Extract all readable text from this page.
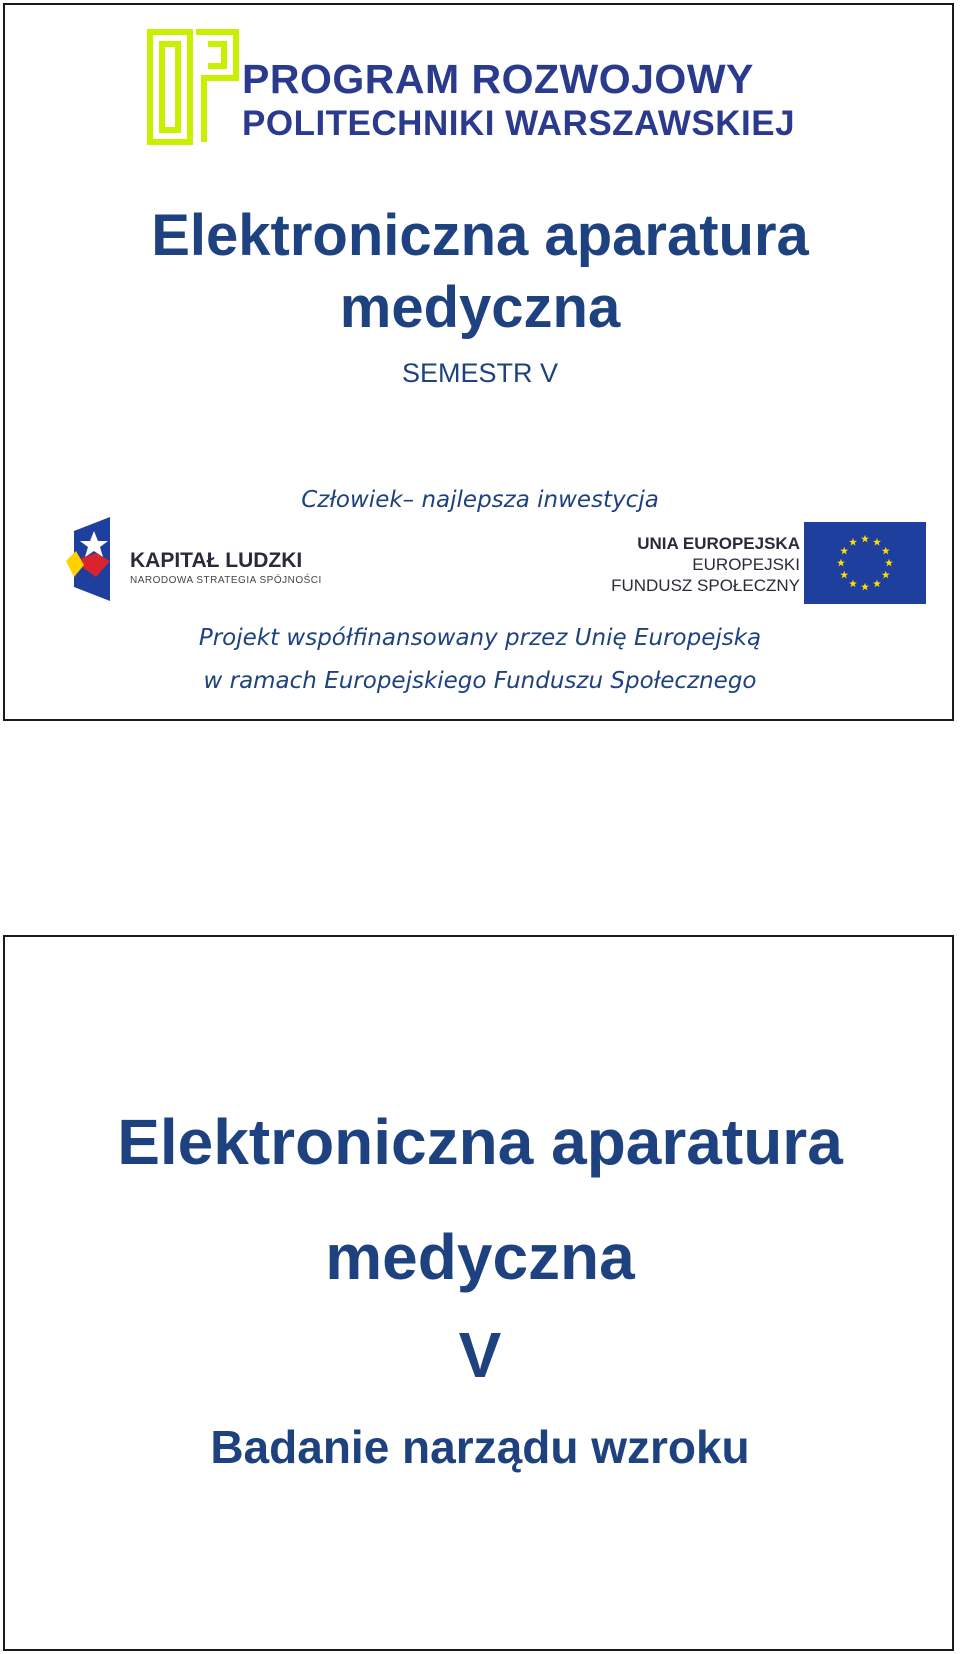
PROGRAM ROZWOJOWY
POLITECHNIKI WARSZAWSKIEJ
Elektroniczna aparatura
medyczna
SEMESTR V
Człowiek– najlepsza inwestycja
KAPITAŁ LUDZKI
NARODOWA STRATEGIA SPÓJNOŚCI
UNIA EUROPEJSKA
EUROPEJSKI
FUNDUSZ SPOŁECZNY
Projekt współfinansowany przez Unię Europejską
w ramach Europejskiego Funduszu Społecznego
Elektroniczna aparatura
medyczna
V
Badanie narządu wzroku
